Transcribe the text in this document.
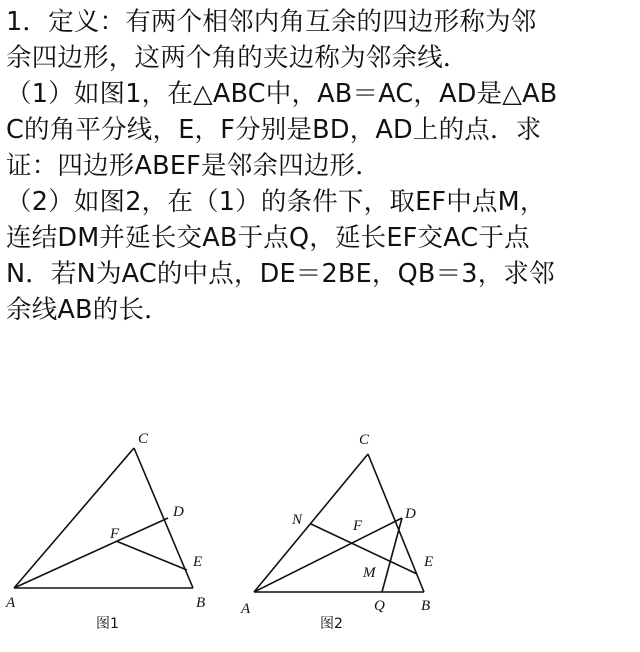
1．定义：有两个相邻内角互余的四边形称为邻
余四边形，这两个角的夹边称为邻余线．
（1）如图1，在△ABC中，AB＝AC，AD是△AB
C的角平分线，E，F分别是BD，AD上的点．求
证：四边形ABEF是邻余四边形．
（2）如图2，在（1）的条件下，取EF中点M，
连结DM并延长交AB于点Q，延长EF交AC于点
N．若N为AC的中点，DE＝2BE，QB＝3，求邻
余线AB的长．
C
D
F
E
A	B
图1
C
D
N	F
E
M
A	Q B
图2
